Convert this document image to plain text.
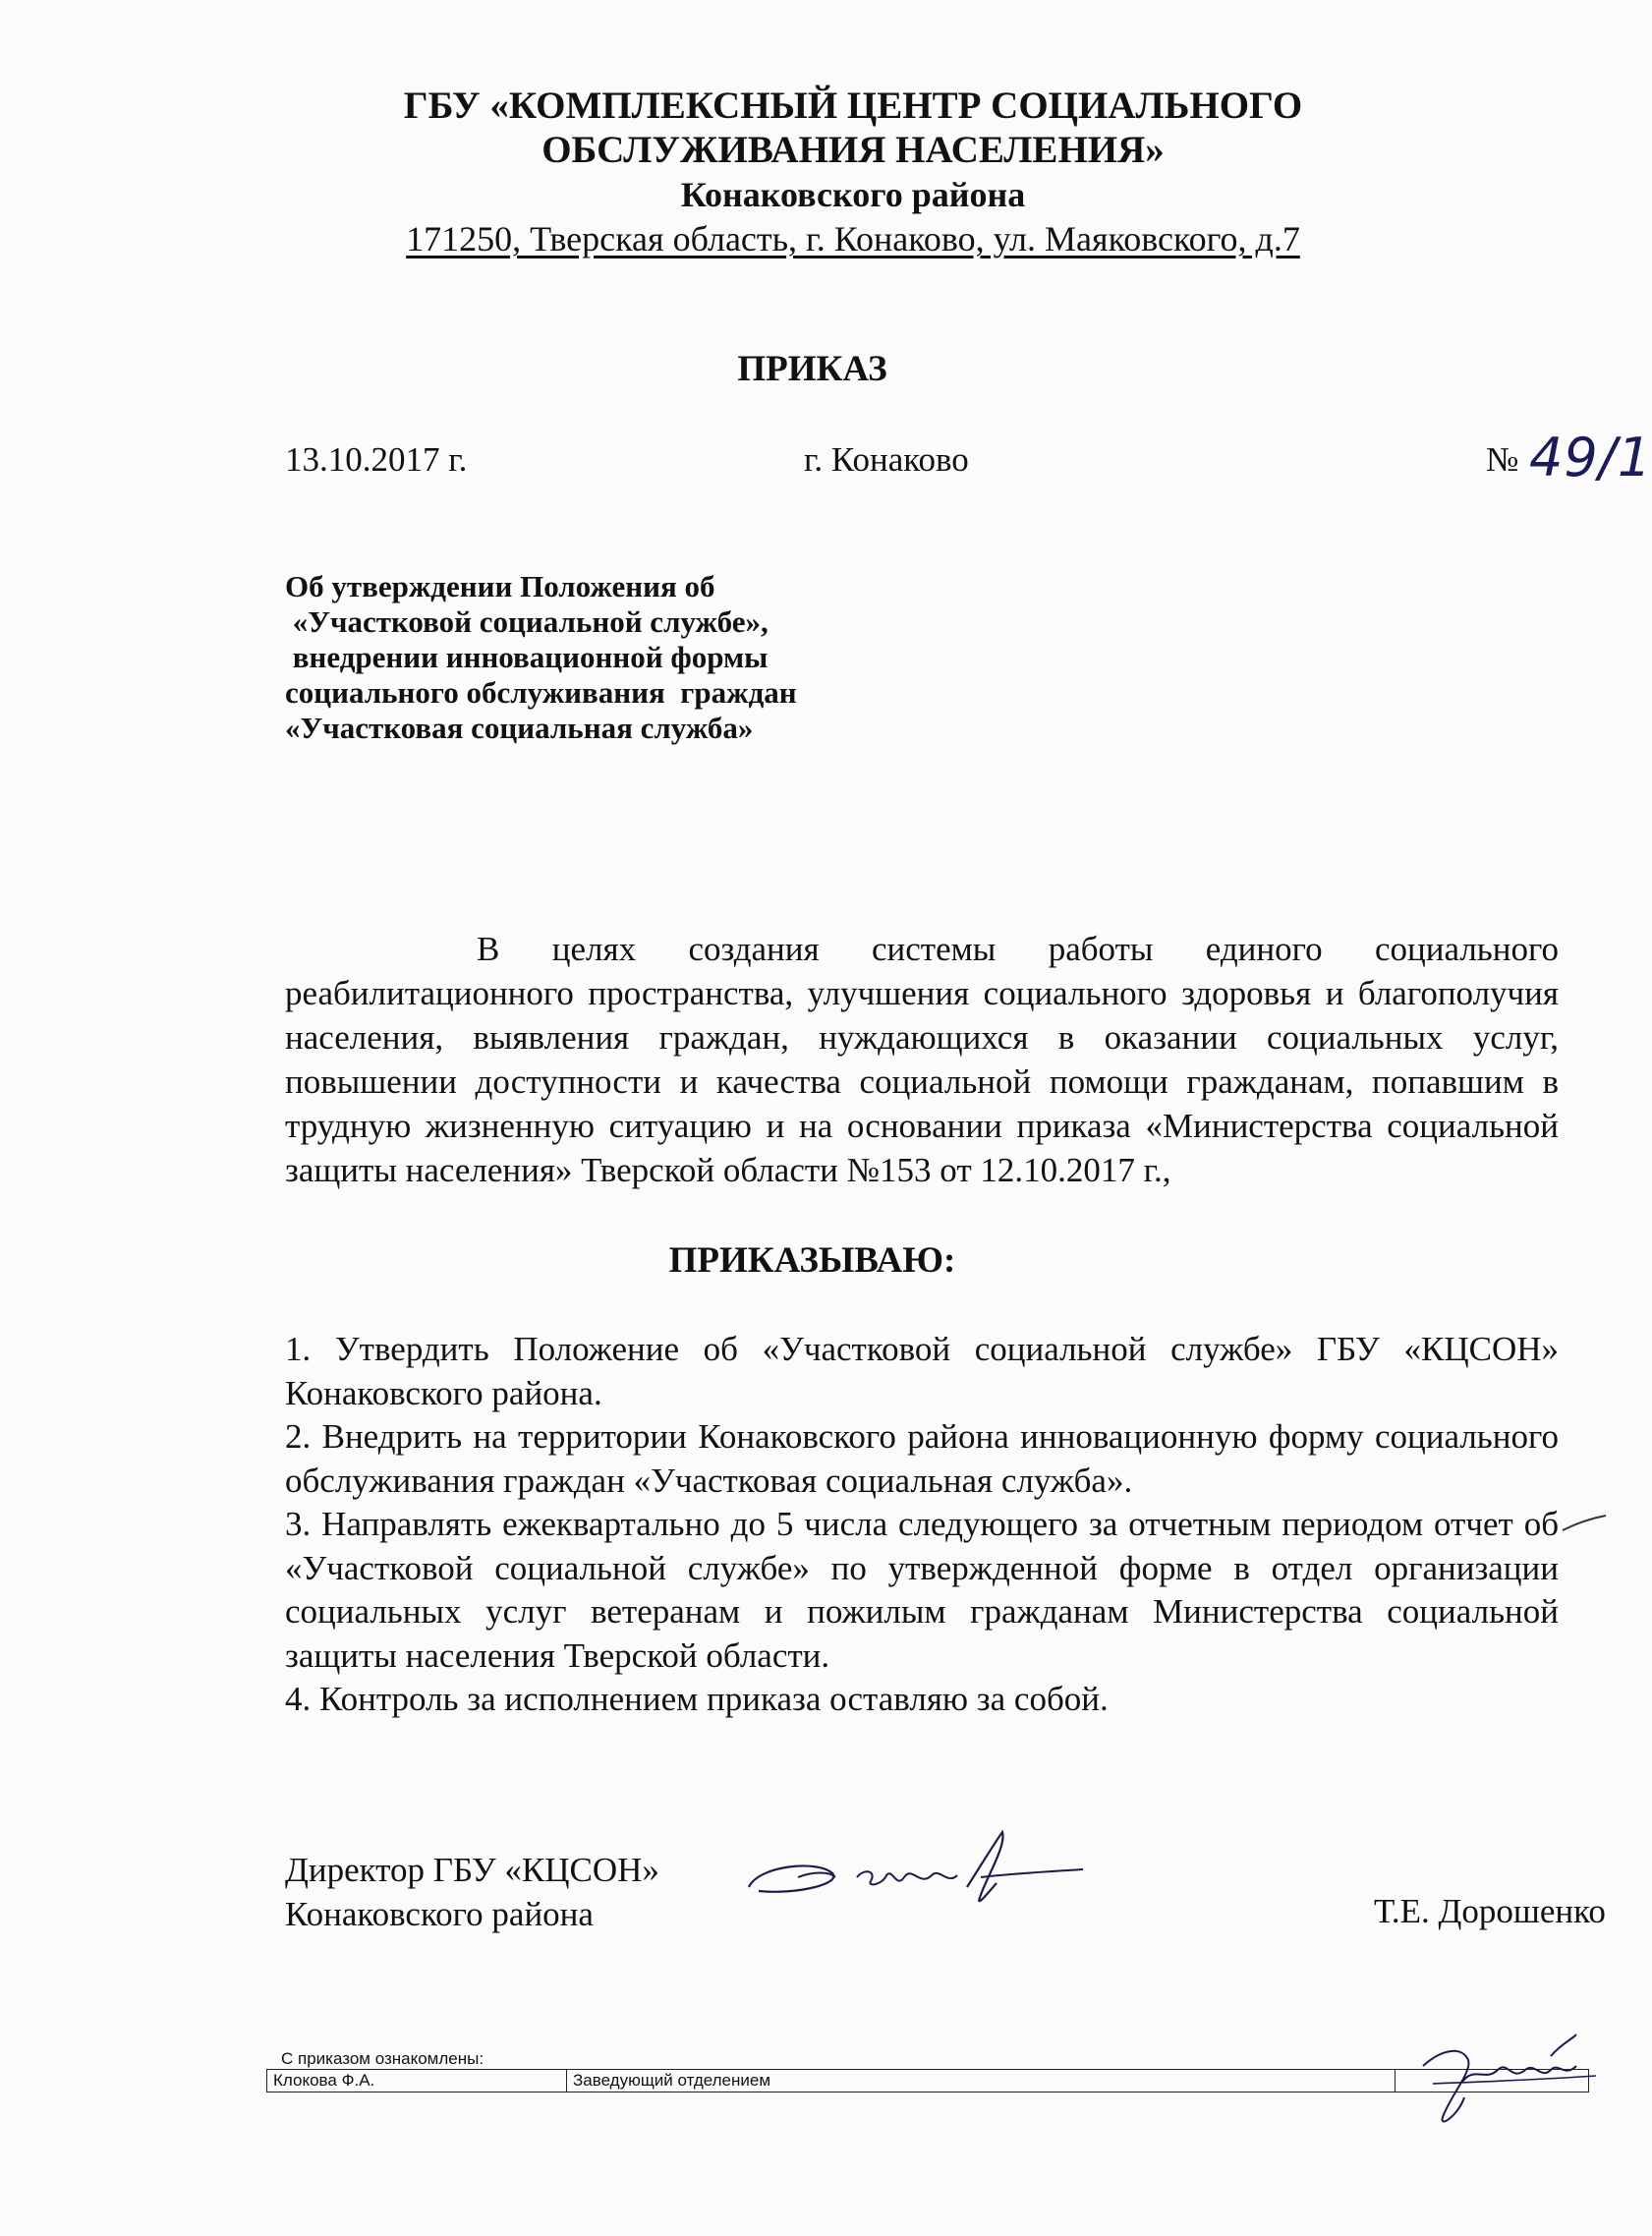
ГБУ «КОМПЛЕКСНЫЙ ЦЕНТР СОЦИАЛЬНОГО
ОБСЛУЖИВАНИЯ НАСЕЛЕНИЯ»
Конаковского района
171250, Тверская область, г. Конаково, ул. Маяковского, д.7
ПРИКАЗ
13.10.2017 г.	г. Конаково	№ 49/1
Об утверждении Положения об
«Участковой социальной службе»,
внедрении инновационной формы
социального обслуживания  граждан
«Участковая социальная служба»
В целях создания системы работы единого социального реабилитационного пространства, улучшения социального здоровья и благополучия населения, выявления граждан, нуждающихся в оказании социальных услуг, повышении доступности и качества социальной помощи гражданам, попавшим в трудную жизненную ситуацию и на основании приказа «Министерства социальной защиты населения» Тверской области №153 от 12.10.2017 г.,
ПРИКАЗЫВАЮ:

1. Утвердить Положение об «Участковой социальной службе» ГБУ «КЦСОН» Конаковского района.

2. Внедрить на территории Конаковского района инновационную форму социального обслуживания граждан «Участковая социальная служба».

3. Направлять ежеквартально до 5 числа следующего за отчетным периодом отчет об «Участковой социальной службе» по утвержденной форме в отдел организации социальных услуг ветеранам и пожилым гражданам Министерства социальной защиты населения Тверской области.

4. Контроль за исполнением приказа оставляю за собой.

Директор ГБУ «КЦСОН»
Конаковского района	Т.Е. Дорошенко
С приказом ознакомлены:
Клокова Ф.А.	Заведующий отделением	
